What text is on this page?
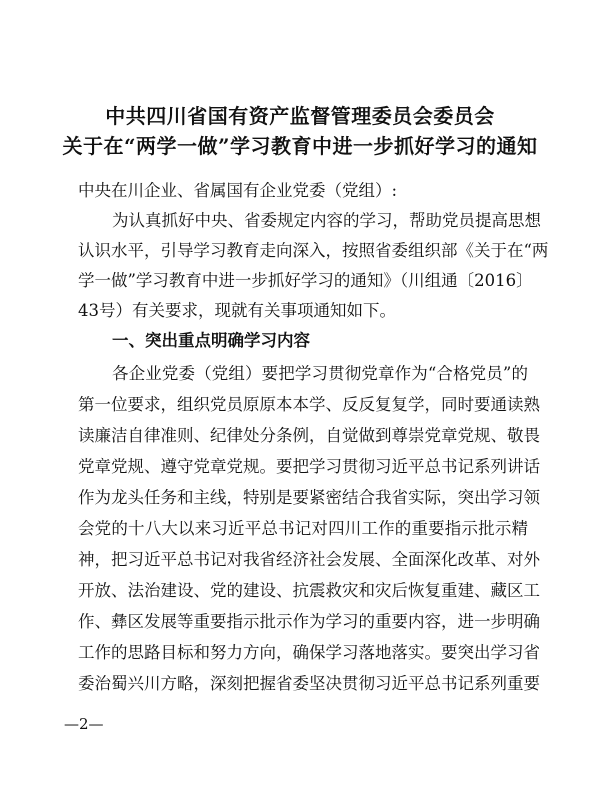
中共四川省国有资产监督管理委员会委员会
关于在“两学一做”学习教育中进一步抓好学习的通知
中央在川企业、省属国有企业党委（党组）:
为认真抓好中央、省委规定内容的学习，帮助党员提高思想
认识水平，引导学习教育走向深入，按照省委组织部《关于在“两
学一做”学习教育中进一步抓好学习的通知》（川组通〔2016〕
43号）有关要求，现就有关事项通知如下。
一、突出重点明确学习内容
各企业党委（党组）要把学习贯彻党章作为“合格党员”的
第一位要求，组织党员原原本本学、反反复复学，同时要通读熟
读廉洁自律准则、纪律处分条例，自觉做到尊崇党章党规、敬畏
党章党规、遵守党章党规。要把学习贯彻习近平总书记系列讲话
作为龙头任务和主线，特别是要紧密结合我省实际，突出学习领
会党的十八大以来习近平总书记对四川工作的重要指示批示精
神，把习近平总书记对我省经济社会发展、全面深化改革、对外
开放、法治建设、党的建设、抗震救灾和灾后恢复重建、藏区工
作、彝区发展等重要指示批示作为学习的重要内容，进一步明确
工作的思路目标和努力方向，确保学习落地落实。要突出学习省
委治蜀兴川方略，深刻把握省委坚决贯彻习近平总书记系列重要
—2—
